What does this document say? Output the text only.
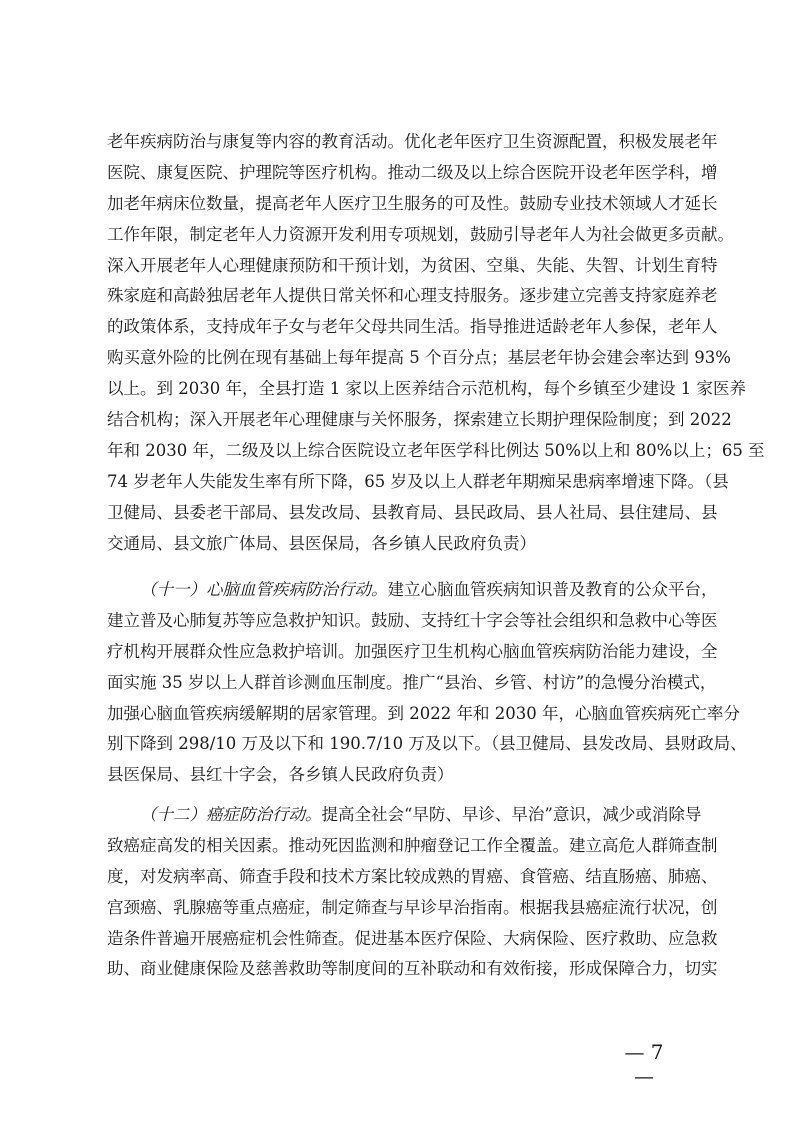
老年疾病防治与康复等内容的教育活动。优化老年医疗卫生资源配置，积极发展老年
医院、康复医院、护理院等医疗机构。推动二级及以上综合医院开设老年医学科，增
加老年病床位数量，提高老年人医疗卫生服务的可及性。鼓励专业技术领域人才延长
工作年限，制定老年人力资源开发利用专项规划，鼓励引导老年人为社会做更多贡献。
深入开展老年人心理健康预防和干预计划，为贫困、空巢、失能、失智、计划生育特
殊家庭和高龄独居老年人提供日常关怀和心理支持服务。逐步建立完善支持家庭养老
的政策体系，支持成年子女与老年父母共同生活。指导推进适龄老年人参保，老年人
购买意外险的比例在现有基础上每年提高 5 个百分点；基层老年协会建会率达到 93%
以上。到 2030 年，全县打造 1 家以上医养结合示范机构，每个乡镇至少建设 1 家医养
结合机构；深入开展老年心理健康与关怀服务，探索建立长期护理保险制度；到 2022
年和 2030 年，二级及以上综合医院设立老年医学科比例达 50%以上和 80%以上；65 至
74 岁老年人失能发生率有所下降，65 岁及以上人群老年期痴呆患病率增速下降。（县
卫健局、县委老干部局、县发改局、县教育局、县民政局、县人社局、县住建局、县
交通局、县文旅广体局、县医保局，各乡镇人民政府负责）
（十一）心脑血管疾病防治行动。建立心脑血管疾病知识普及教育的公众平台，
建立普及心肺复苏等应急救护知识。鼓励、支持红十字会等社会组织和急救中心等医
疗机构开展群众性应急救护培训。加强医疗卫生机构心脑血管疾病防治能力建设，全
面实施 35 岁以上人群首诊测血压制度。推广“县治、乡管、村访”的急慢分治模式，
加强心脑血管疾病缓解期的居家管理。到 2022 年和 2030 年，心脑血管疾病死亡率分
别下降到 298/10 万及以下和 190.7/10 万及以下。（县卫健局、县发改局、县财政局、
县医保局、县红十字会，各乡镇人民政府负责）
（十二）癌症防治行动。提高全社会“早防、早诊、早治”意识，减少或消除导
致癌症高发的相关因素。推动死因监测和肿瘤登记工作全覆盖。建立高危人群筛查制
度，对发病率高、筛查手段和技术方案比较成熟的胃癌、食管癌、结直肠癌、肺癌、
宫颈癌、乳腺癌等重点癌症，制定筛查与早诊早治指南。根据我县癌症流行状况，创
造条件普遍开展癌症机会性筛查。促进基本医疗保险、大病保险、医疗救助、应急救
助、商业健康保险及慈善救助等制度间的互补联动和有效衔接，形成保障合力，切实
— 7 —
